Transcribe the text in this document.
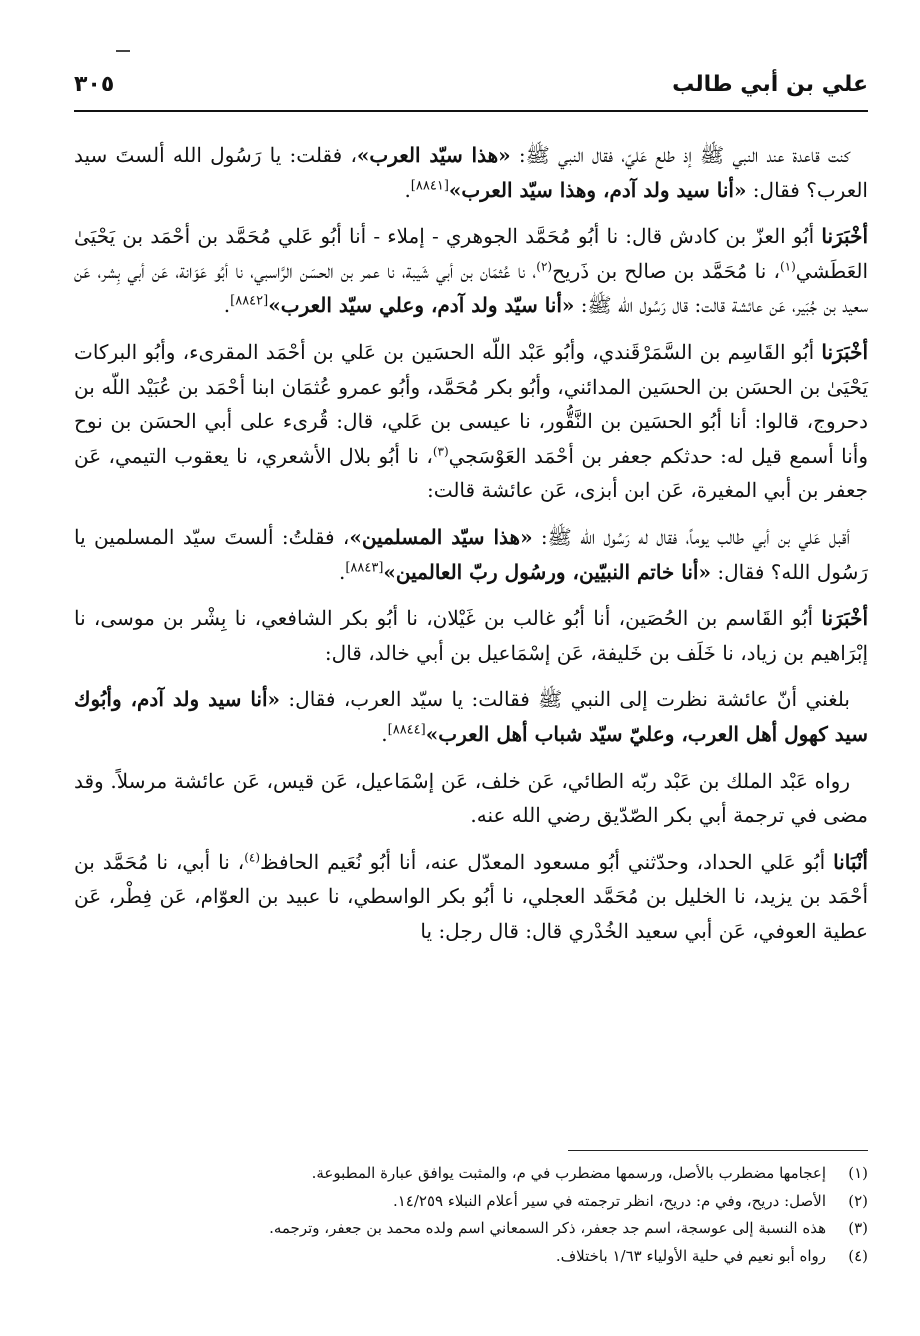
علي بن أبي طالب
٣٠٥

كنت قاعدة عند النبي ﷺ إذ طلع عَليّ، فقال النبي ﷺ: «هذا سيّد العرب»، فقلت: يا رَسُول الله ألستَ سيد العرب؟ فقال: «أنا سيد ولد آدم، وهذا سيّد العرب»[٨٨٤١].

أخْبَرَنا أبُو العزّ بن كادش قال: نا أبُو مُحَمَّد الجوهري - إملاء - أنا أبُو عَلي مُحَمَّد بن أحْمَد بن يَحْيَىٰ العَطَشي$^{(١)}$، نا مُحَمَّد بن صالح بن ذَريح$^{(٢)}$، نا عُثمَان بن أبي شَيبة، نا عمر بن الحسَن الرَّاسبي، نا أبُو عَوَانة، عَن أبي بِشر، عَن سعيد بن جُبَير، عَن عائشة قالت: قال رَسُول الله ﷺ: «أنا سيّد ولد آدم، وعلي سيّد العرب»[٨٨٤٢].

أخْبَرَنا أبُو القَاسِم بن السَّمَرْقَندي، وأبُو عَبْد اللّه الحسَين بن عَلي بن أحْمَد المقرىء، وأبُو البركات يَحْيَىٰ بن الحسَن بن الحسَين المدائني، وأبُو بكر مُحَمَّد، وأبُو عمرو عُثمَان ابنا أحْمَد بن عُبَيْد اللّه بن دحروج، قالوا: أنا أبُو الحسَين بن النَّقُّور، نا عيسى بن عَلي، قال: قُرىء على أبي الحسَن بن نوح وأنا أسمع قيل له: حدثكم جعفر بن أحْمَد العَوْسَجي$^{(٣)}$، نا أبُو بلال الأشعري، نا يعقوب التيمي، عَن جعفر بن أبي المغيرة، عَن ابن أبزى، عَن عائشة قالت:

أقبل عَلي بن أبي طالب يوماً، فقال له رَسُول الله ﷺ: «هذا سيّد المسلمين»، فقلتُ: ألستَ سيّد المسلمين يا رَسُول الله؟ فقال: «أنا خاتم النبيّين، ورسُول ربّ العالمين»[٨٨٤٣].

أخْبَرَنا أبُو القَاسم بن الحُصَين، أنا أبُو غالب بن غَيْلان، نا أبُو بكر الشافعي، نا بِشْر بن موسى، نا إبْرَاهيم بن زياد، نا خَلَف بن خَليفة، عَن إسْمَاعيل بن أبي خالد، قال:

بلغني أنّ عائشة نظرت إلى النبي ﷺ فقالت: يا سيّد العرب، فقال: «أنا سيد ولد آدم، وأبُوك سيد كهول أهل العرب، وعليّ سيّد شباب أهل العرب»[٨٨٤٤].

رواه عَبْد الملك بن عَبْد ربّه الطائي، عَن خلف، عَن إسْمَاعيل، عَن قيس، عَن عائشة مرسلاً. وقد مضى في ترجمة أبي بكر الصّدّيق رضي الله عنه.

أنْبَانا أبُو عَلي الحداد، وحدّثني أبُو مسعود المعدّل عنه، أنا أبُو نُعَيم الحافظ$^{(٤)}$، نا أبي، نا مُحَمَّد بن أحْمَد بن يزيد، نا الخليل بن مُحَمَّد العجلي، نا أبُو بكر الواسطي، نا عبيد بن العوّام، عَن فِطْر، عَن عطية العوفي، عَن أبي سعيد الخُدْري قال: قال رجل: يا

(١)إعجامها مضطرب بالأصل، ورسمها مضطرب في م، والمثبت يوافق عبارة المطبوعة.

(٢)الأصل: دريح، وفي م: دريح، انظر ترجمته في سير أعلام النبلاء ١٤/٢٥٩.

(٣)هذه النسبة إلى عوسجة، اسم جد جعفر، ذكر السمعاني اسم ولده محمد بن جعفر، وترجمه.

(٤)رواه أبو نعيم في حلية الأولياء ١/٦٣ باختلاف.
